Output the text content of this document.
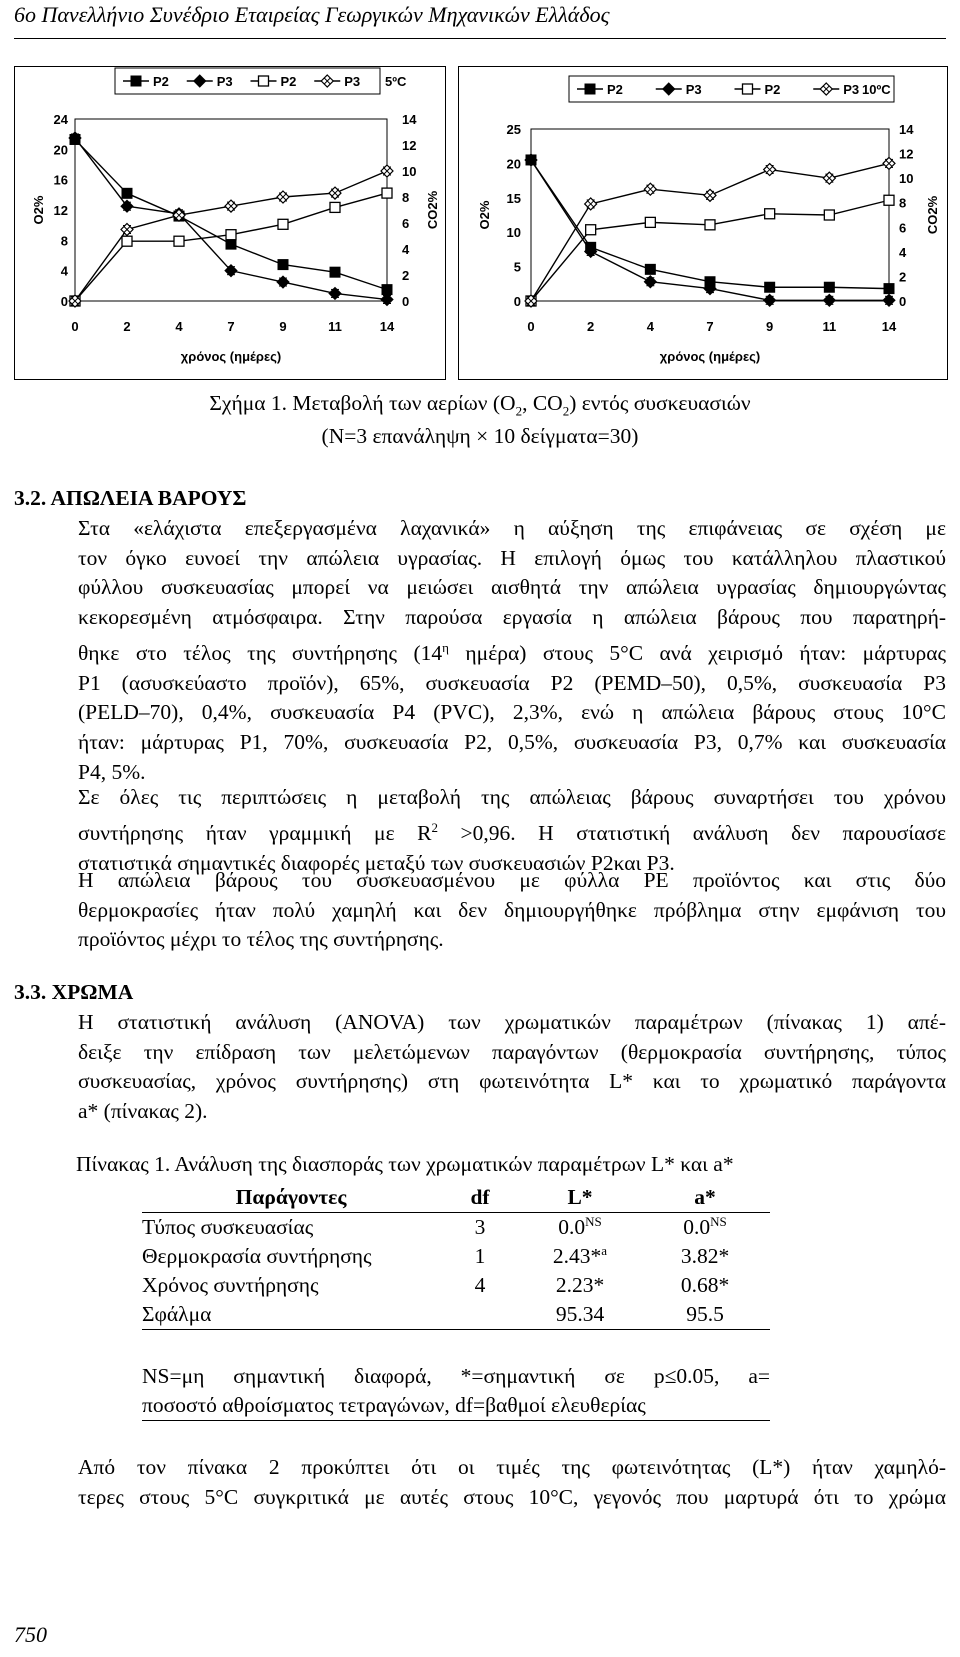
6ο Πανελλήνιο Συνέδριο Εταιρείας Γεωργικών Μηχανικών Ελλάδος
0
4
8
12
16
20
24
0
2
4
6
8
10
12
14
0	2	4	7	9	11	14
χρόνος (ημέρες)
O2%	CO2%
P2	P3	P2	P3 5ºC
0
5
10
15
20
25
0
2
4
6
8
10
12
14
0	2	4	7	9	11	14
χρόνος (ημέρες)
O2%	CO2%
P2	P3	P2	P3 10ºC
Σχήμα 1. Μεταβολή των αερίων ($O_2$, $CO_2$) εντός συσκευασιών
(N=3 επανάληψη × 10 δείγματα=30)
3.2. ΑΠΩΛΕΙΑ ΒΑΡΟΥΣ
Στα «ελάχιστα επεξεργασμένα λαχανικά» η αύξηση της επιφάνειας σε σχέση με
τον όγκο ευνοεί την απώλεια υγρασίας. Η επιλογή όμως του κατάλληλου πλαστικού
φύλλου συσκευασίας μπορεί να μειώσει αισθητά την απώλεια υγρασίας δημιουργώντας
κεκορεσμένη ατμόσφαιρα. Στην παρούσα εργασία η απώλεια βάρους που παρατηρή-
θηκε στο τέλος της συντήρησης ($14^\eta$ ημέρα) στους 5°C ανά χειρισμό ήταν: μάρτυρας
P1 (ασυσκεύαστο προϊόν), 65%, συσκευασία P2 (PEMD–50), 0,5%, συσκευασία P3
(PELD–70), 0,4%, συσκευασία P4 (PVC), 2,3%, ενώ η απώλεια βάρους στους 10°C
ήταν: μάρτυρας P1, 70%, συσκευασία P2, 0,5%, συσκευασία P3, 0,7% και συσκευασία
P4, 5%.
Σε όλες τις περιπτώσεις η μεταβολή της απώλειας βάρους συναρτήσει του χρόνου
συντήρησης ήταν γραμμική με $R^2 >0,96$. Η στατιστική ανάλυση δεν παρουσίασε
στατιστικά σημαντικές διαφορές μεταξύ των συσκευασιών P2και P3.
Η απώλεια βάρους του συσκευασμένου με φύλλα PE προϊόντος και στις δύο
θερμοκρασίες ήταν πολύ χαμηλή και δεν δημιουργήθηκε πρόβλημα στην εμφάνιση του
προϊόντος μέχρι το τέλος της συντήρησης.
3.3. ΧΡΩΜΑ
Η στατιστική ανάλυση (ANOVA) των χρωματικών παραμέτρων (πίνακας 1) απέ-
δειξε την επίδραση των μελετώμενων παραγόντων (θερμοκρασία συντήρησης, τύπος
συσκευασίας, χρόνος συντήρησης) στη φωτεινότητα L* και το χρωματικό παράγοντα
a* (πίνακας 2).
Πίνακας 1. Ανάλυση της διασποράς των χρωματικών παραμέτρων L* και a*
Παράγοντες	df	L*	a*
Τύπος συσκευασίας	3	$0.0^{NS}$	$0.0^{NS}$
Θερμοκρασία συντήρησης	1	2.43*$^a$	3.82*
Χρόνος συντήρησης	4	2.23*	0.68*
Σφάλμα		95.34	95.5
NS=μη σημαντική διαφορά, *=σημαντική σε p≤0.05, a=
ποσοστό αθροίσματος τετραγώνων, df=βαθμοί ελευθερίας
Από τον πίνακα 2 προκύπτει ότι οι τιμές της φωτεινότητας (L*) ήταν χαμηλό-
τερες στους 5°C συγκριτικά με αυτές στους 10°C, γεγονός που μαρτυρά ότι το χρώμα
750
